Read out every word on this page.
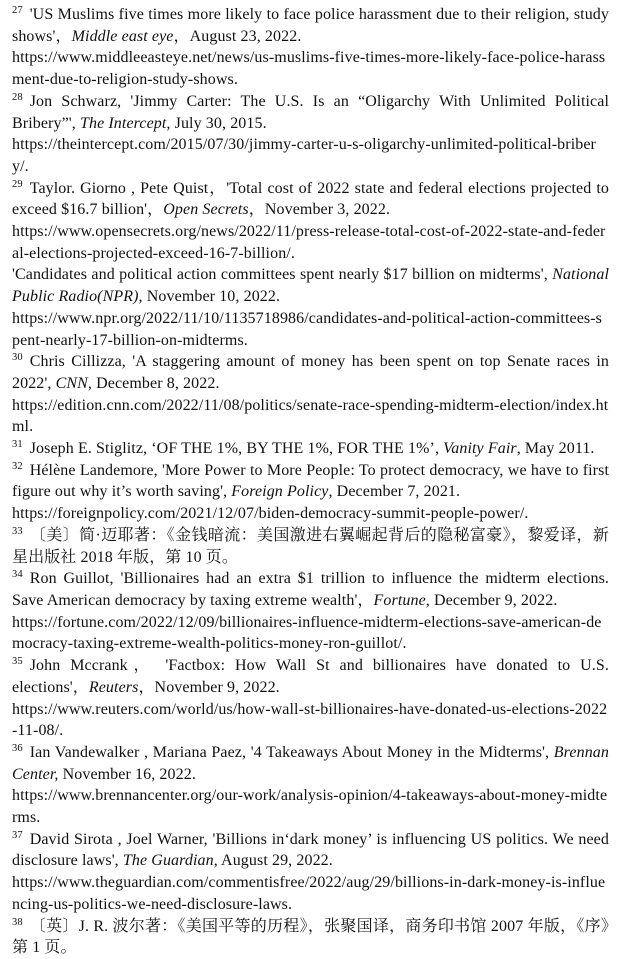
$^{27}$ 'US Muslims five times more likely to face police harassment due to their religion, study shows'，Middle east eye，August 23, 2022.
https://www.middleeasteye.net/news/us-muslims-five-times-more-likely-face-police-harassment-due-to-religion-study-shows.

$^{28}$ Jon Schwarz, 'Jimmy Carter: The U.S. Is an “Oligarchy With Unlimited Political Bribery”', The Intercept, July 30, 2015.
https://theintercept.com/2015/07/30/jimmy-carter-u-s-oligarchy-unlimited-political-bribery/.

$^{29}$ Taylor. Giorno , Pete Quist，'Total cost of 2022 state and federal elections projected to exceed $16.7 billion'，Open Secrets，November 3, 2022.
https://www.opensecrets.org/news/2022/11/press-release-total-cost-of-2022-state-and-federal-elections-projected-exceed-16-7-billion/.

'Candidates and political action committees spent nearly $17 billion on midterms', National Public Radio(NPR), November 10, 2022.
https://www.npr.org/2022/11/10/1135718986/candidates-and-political-action-committees-spent-nearly-17-billion-on-midterms.

$^{30}$ Chris Cillizza, 'A staggering amount of money has been spent on top Senate races in 2022', CNN, December 8, 2022.
https://edition.cnn.com/2022/11/08/politics/senate-race-spending-midterm-election/index.html.

$^{31}$ Joseph E. Stiglitz, ‘OF THE 1%, BY THE 1%, FOR THE 1%’, Vanity Fair, May 2011.

$^{32}$ Hélène Landemore, 'More Power to More People: To protect democracy, we have to first figure out why it’s worth saving', Foreign Policy, December 7, 2021.
https://foreignpolicy.com/2021/12/07/biden-democracy-summit-people-power/.

$^{33}$ 〔美〕简·迈耶著：《金钱暗流：美国激进右翼崛起背后的隐秘富豪》，黎爱译，新星出版社 2018 年版，第 10 页。

$^{34}$ Ron Guillot, 'Billionaires had an extra $1 trillion to influence the midterm elections. Save American democracy by taxing extreme wealth'，Fortune, December 9, 2022.
https://fortune.com/2022/12/09/billionaires-influence-midterm-elections-save-american-democracy-taxing-extreme-wealth-politics-money-ron-guillot/.

$^{35}$ John Mccrank， 'Factbox: How Wall St and billionaires have donated to U.S. elections'，Reuters，November 9, 2022.
https://www.reuters.com/world/us/how-wall-st-billionaires-have-donated-us-elections-2022-11-08/.

$^{36}$ Ian Vandewalker , Mariana Paez, '4 Takeaways About Money in the Midterms', Brennan Center, November 16, 2022.
https://www.brennancenter.org/our-work/analysis-opinion/4-takeaways-about-money-midterms.

$^{37}$ David Sirota , Joel Warner, 'Billions in‘dark money’ is influencing US politics. We need disclosure laws', The Guardian, August 29, 2022.
https://www.theguardian.com/commentisfree/2022/aug/29/billions-in-dark-money-is-influencing-us-politics-we-need-disclosure-laws.

$^{38}$ 〔英〕J. R. 波尔著：《美国平等的历程》，张聚国译，商务印书馆 2007 年版，《序》第 1 页。
